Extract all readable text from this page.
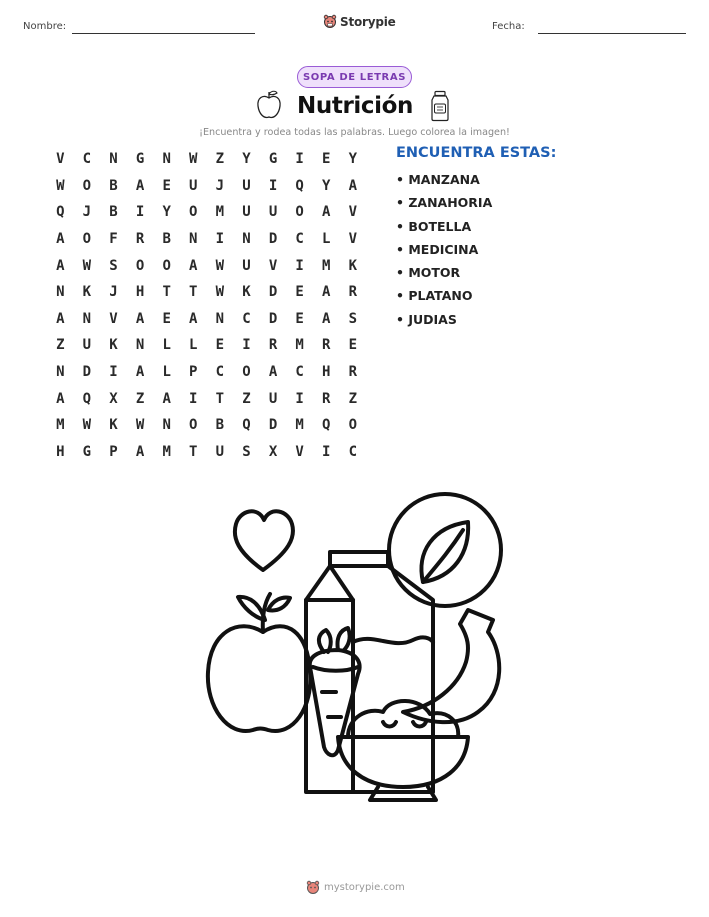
Nombre:	Storypie	Fecha:
SOPA DE LETRAS
Nutrición
¡Encuentra y rodea todas las palabras. Luego colorea la imagen!
V	C	N	G	N	W	Z	Y	G	I	E	Y
W	O	B	A	E	U	J	U	I	Q	Y	A
Q	J	B	I	Y	O	M	U	U	O	A	V
A	O	F	R	B	N	I	N	D	C	L	V
A	W	S	O	O	A	W	U	V	I	M	K
N	K	J	H	T	T	W	K	D	E	A	R
A	N	V	A	E	A	N	C	D	E	A	S
Z	U	K	N	L	L	E	I	R	M	R	E
N	D	I	A	L	P	C	O	A	C	H	R
A	Q	X	Z	A	I	T	Z	U	I	R	Z
M	W	K	W	N	O	B	Q	D	M	Q	O
H	G	P	A	M	T	U	S	X	V	I	C
ENCUENTRA ESTAS:
• MANZANA
• ZANAHORIA
• BOTELLA
• MEDICINA
• MOTOR
• PLATANO
• JUDIAS
mystorypie.com
